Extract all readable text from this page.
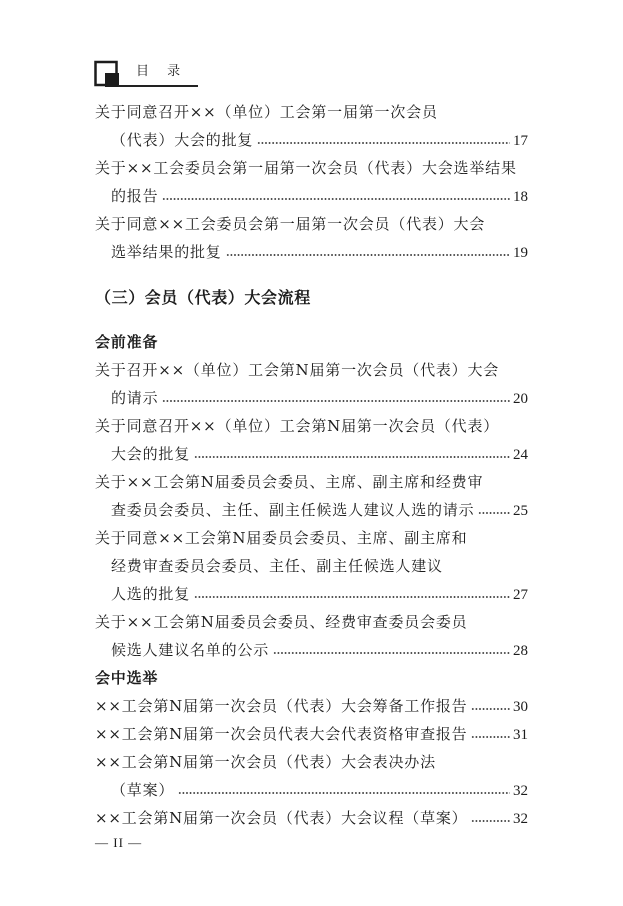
目 录
关于同意召开××（单位）工会第一届第一次会员
（代表）大会的批复	17
关于××工会委员会第一届第一次会员（代表）大会选举结果
的报告	18
关于同意××工会委员会第一届第一次会员（代表）大会
选举结果的批复	19
（三）会员（代表）大会流程
会前准备
关于召开××（单位）工会第N届第一次会员（代表）大会
的请示	20
关于同意召开××（单位）工会第N届第一次会员（代表）
大会的批复	24
关于××工会第N届委员会委员、主席、副主席和经费审
查委员会委员、主任、副主任候选人建议人选的请示	25
关于同意××工会第N届委员会委员、主席、副主席和
经费审查委员会委员、主任、副主任候选人建议
人选的批复	27
关于××工会第N届委员会委员、经费审查委员会委员
候选人建议名单的公示	28
会中选举
××工会第N届第一次会员（代表）大会筹备工作报告	30
××工会第N届第一次会员代表大会代表资格审查报告	31
××工会第N届第一次会员（代表）大会表决办法
（草案）	32
××工会第N届第一次会员（代表）大会议程（草案）	32
— II —
